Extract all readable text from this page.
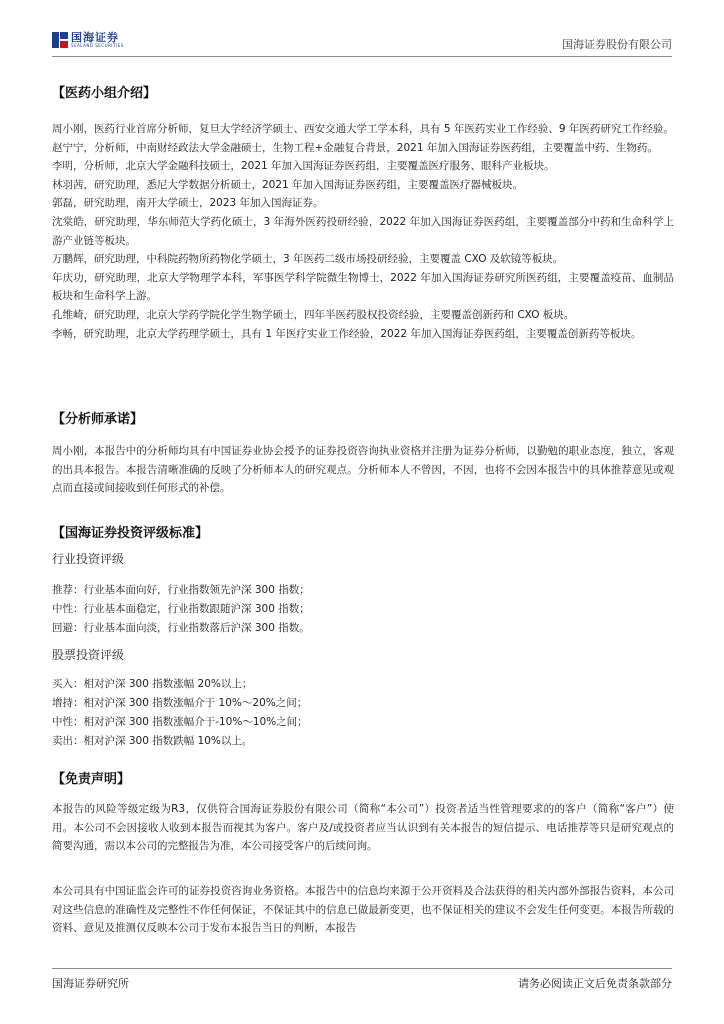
国海证券
SEALAND SECURITIES	国海证券股份有限公司
【医药小组介绍】

周小刚，医药行业首席分析师，复旦大学经济学硕士、西安交通大学工学本科，具有 5 年医药实业工作经验、9 年医药研究工作经验。

赵宁宁，分析师，中南财经政法大学金融硕士，生物工程+金融复合背景，2021 年加入国海证券医药组，主要覆盖中药、生物药。

李明，分析师，北京大学金融科技硕士，2021 年加入国海证券医药组，主要覆盖医疗服务、眼科产业板块。

林羽茜，研究助理，悉尼大学数据分析硕士，2021 年加入国海证券医药组，主要覆盖医疗器械板块。

郭磊，研究助理，南开大学硕士，2023 年加入国海证券。

沈棠皓，研究助理，华东师范大学药化硕士，3 年海外医药投研经验，2022 年加入国海证券医药组，主要覆盖部分中药和生命科学上游产业链等板块。

万鹏辉，研究助理，中科院药物所药物化学硕士，3 年医药二级市场投研经验，主要覆盖 CXO 及软镜等板块。

年庆功，研究助理，北京大学物理学本科，军事医学科学院微生物博士，2022 年加入国海证券研究所医药组，主要覆盖疫苗、血制品板块和生命科学上游。

孔维崎，研究助理，北京大学药学院化学生物学硕士，四年半医药股权投资经验，主要覆盖创新药和 CXO 板块。

李畅，研究助理，北京大学药理学硕士，具有 1 年医疗实业工作经验，2022 年加入国海证券医药组，主要覆盖创新药等板块。

【分析师承诺】

周小刚，本报告中的分析师均具有中国证券业协会授予的证券投资咨询执业资格并注册为证券分析师，以勤勉的职业态度，独立，客观的出具本报告。本报告清晰准确的反映了分析师本人的研究观点。分析师本人不曾因，不因，也将不会因本报告中的具体推荐意见或观点而直接或间接收到任何形式的补偿。

【国海证券投资评级标准】
行业投资评级
推荐：行业基本面向好，行业指数领先沪深 300 指数；
中性：行业基本面稳定，行业指数跟随沪深 300 指数；
回避：行业基本面向淡，行业指数落后沪深 300 指数。
股票投资评级
买入：相对沪深 300 指数涨幅 20%以上；
增持：相对沪深 300 指数涨幅介于 10%～20%之间；
中性：相对沪深 300 指数涨幅介于-10%～10%之间；
卖出：相对沪深 300 指数跌幅 10%以上。
【免责声明】

本报告的风险等级定级为R3，仅供符合国海证券股份有限公司（简称“本公司”）投资者适当性管理要求的的客户（简称“客户”）使用。本公司不会因接收人收到本报告而视其为客户。客户及/或投资者应当认识到有关本报告的短信提示、电话推荐等只是研究观点的简要沟通，需以本公司的完整报告为准，本公司接受客户的后续问询。

本公司具有中国证监会许可的证券投资咨询业务资格。本报告中的信息均来源于公开资料及合法获得的相关内部外部报告资料，本公司对这些信息的准确性及完整性不作任何保证，不保证其中的信息已做最新变更，也不保证相关的建议不会发生任何变更。本报告所载的资料、意见及推测仅反映本公司于发布本报告当日的判断，本报告

国海证券研究所	请务必阅读正文后免责条款部分
